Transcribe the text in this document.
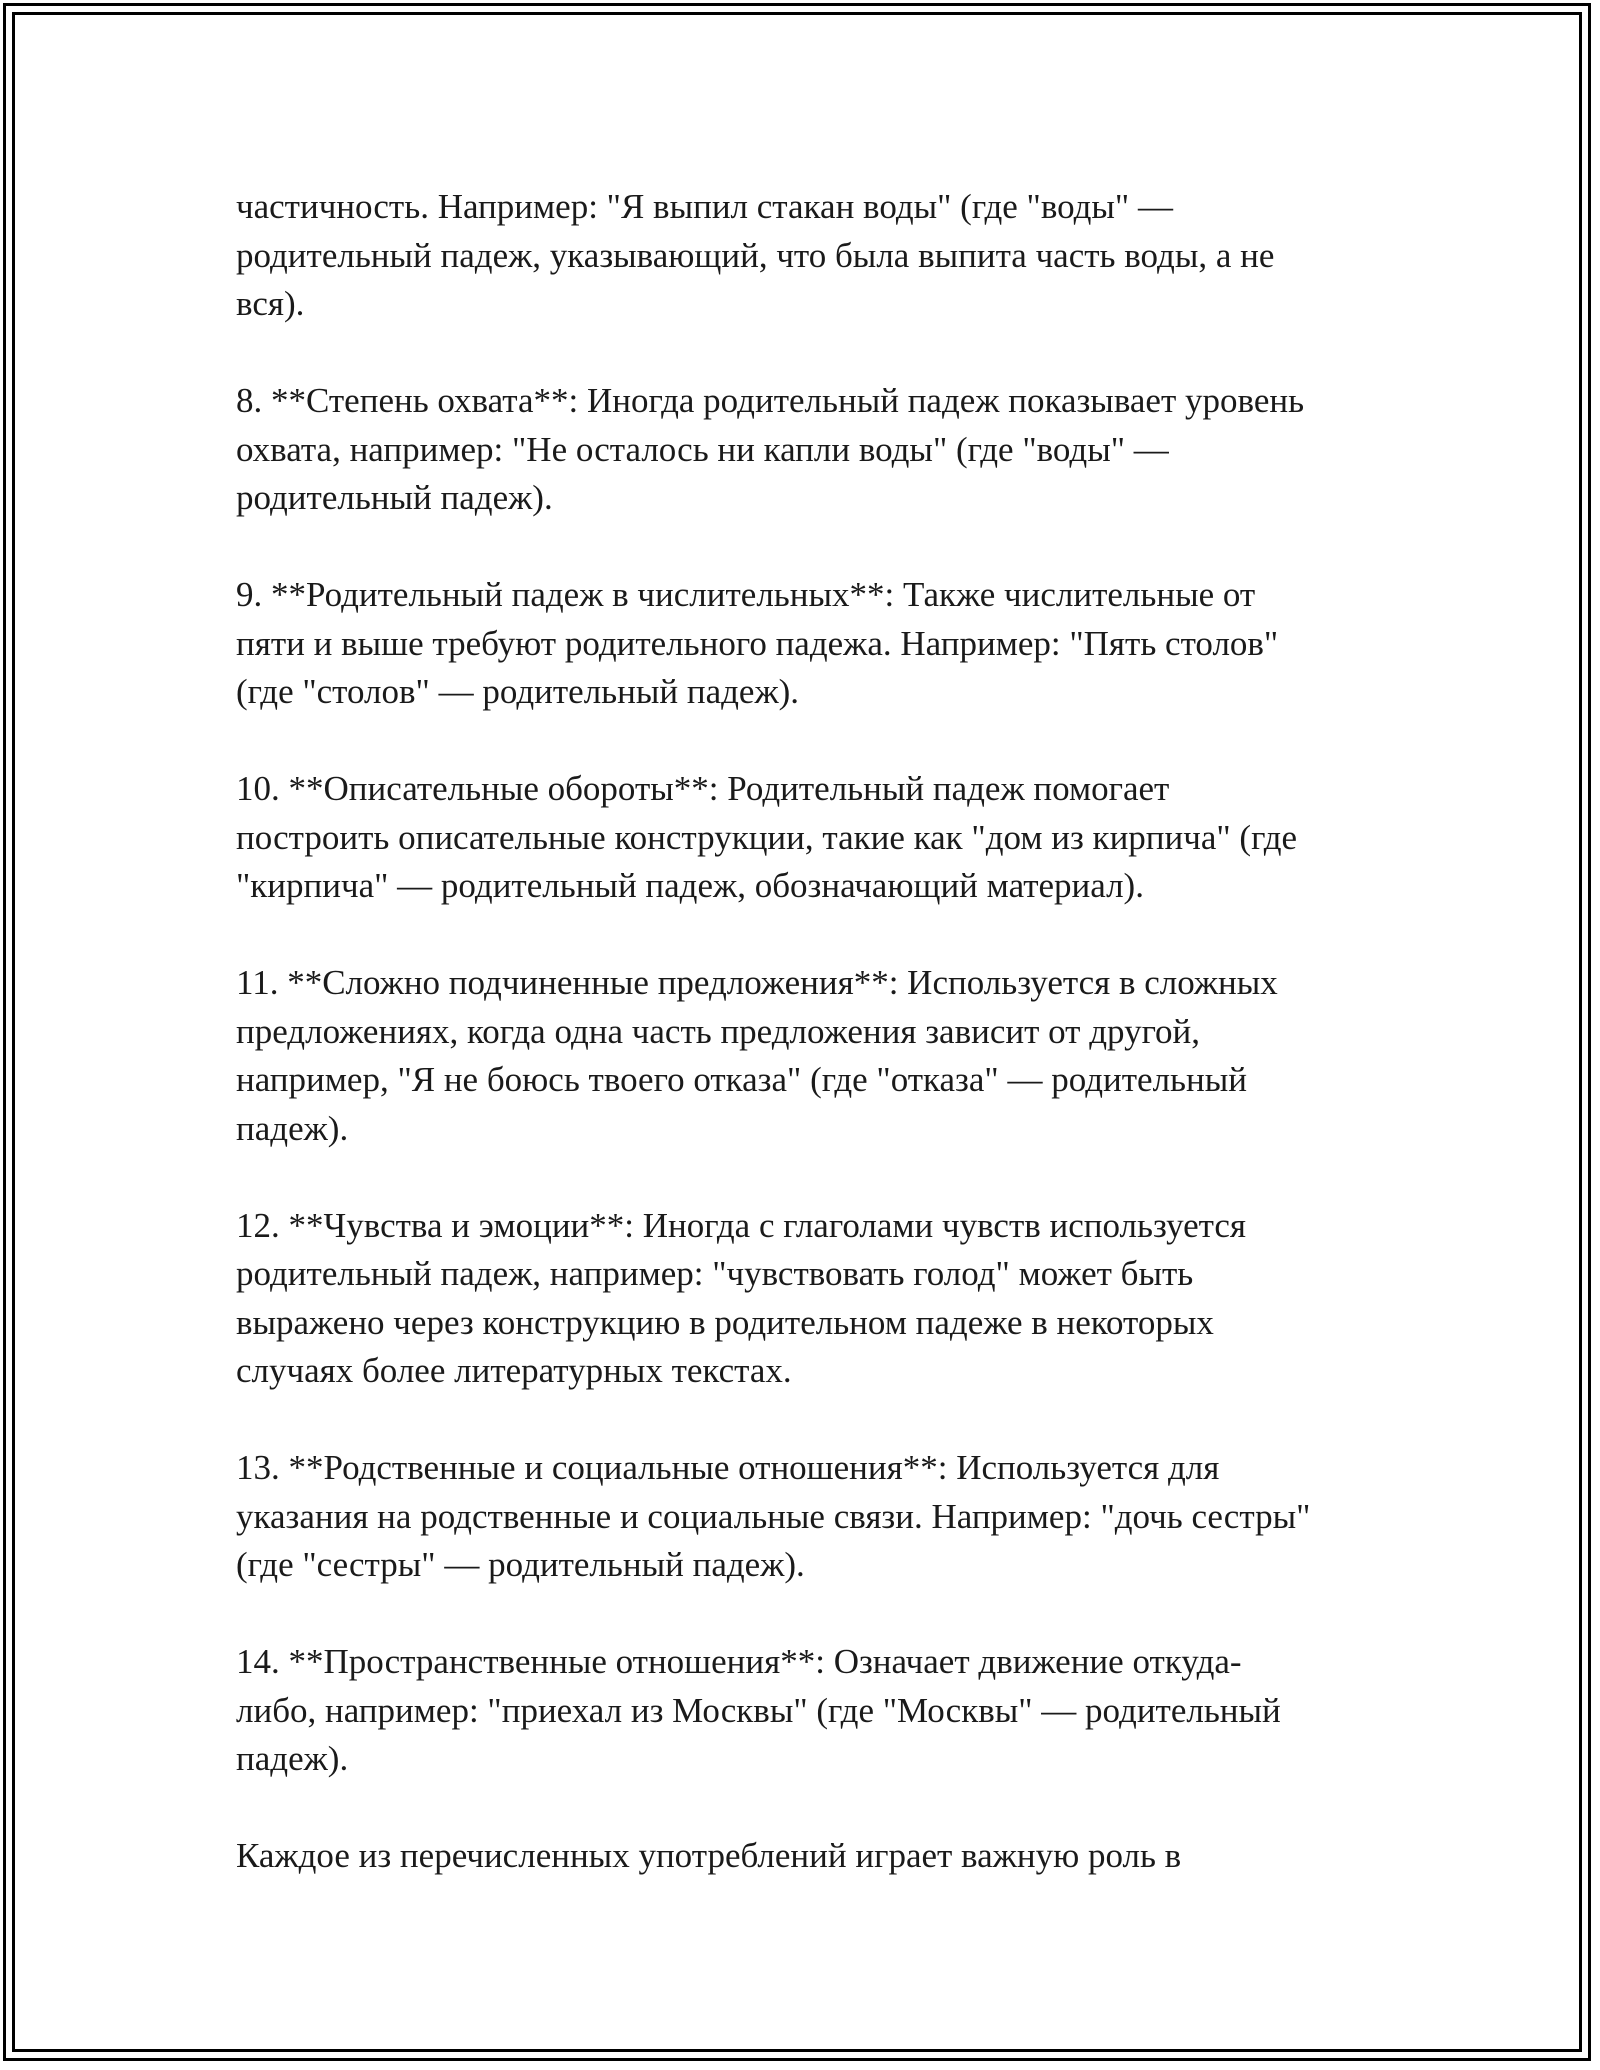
частичность. Например: "Я выпил стакан воды" (где "воды" —
родительный падеж, указывающий, что была выпита часть воды, а не
вся).

8. **Степень охвата**: Иногда родительный падеж показывает уровень
охвата, например: "Не осталось ни капли воды" (где "воды" —
родительный падеж).

9. **Родительный падеж в числительных**: Также числительные от
пяти и выше требуют родительного падежа. Например: "Пять столов"
(где "столов" — родительный падеж).

10. **Описательные обороты**: Родительный падеж помогает
построить описательные конструкции, такие как "дом из кирпича" (где
"кирпича" — родительный падеж, обозначающий материал).

11. **Сложно подчиненные предложения**: Используется в сложных
предложениях, когда одна часть предложения зависит от другой,
например, "Я не боюсь твоего отказа" (где "отказа" — родительный
падеж).

12. **Чувства и эмоции**: Иногда с глаголами чувств используется
родительный падеж, например: "чувствовать голод" может быть
выражено через конструкцию в родительном падеже в некоторых
случаях более литературных текстах.

13. **Родственные и социальные отношения**: Используется для
указания на родственные и социальные связи. Например: "дочь сестры"
(где "сестры" — родительный падеж).

14. **Пространственные отношения**: Означает движение откуда-
либо, например: "приехал из Москвы" (где "Москвы" — родительный
падеж).

Каждое из перечисленных употреблений играет важную роль в
